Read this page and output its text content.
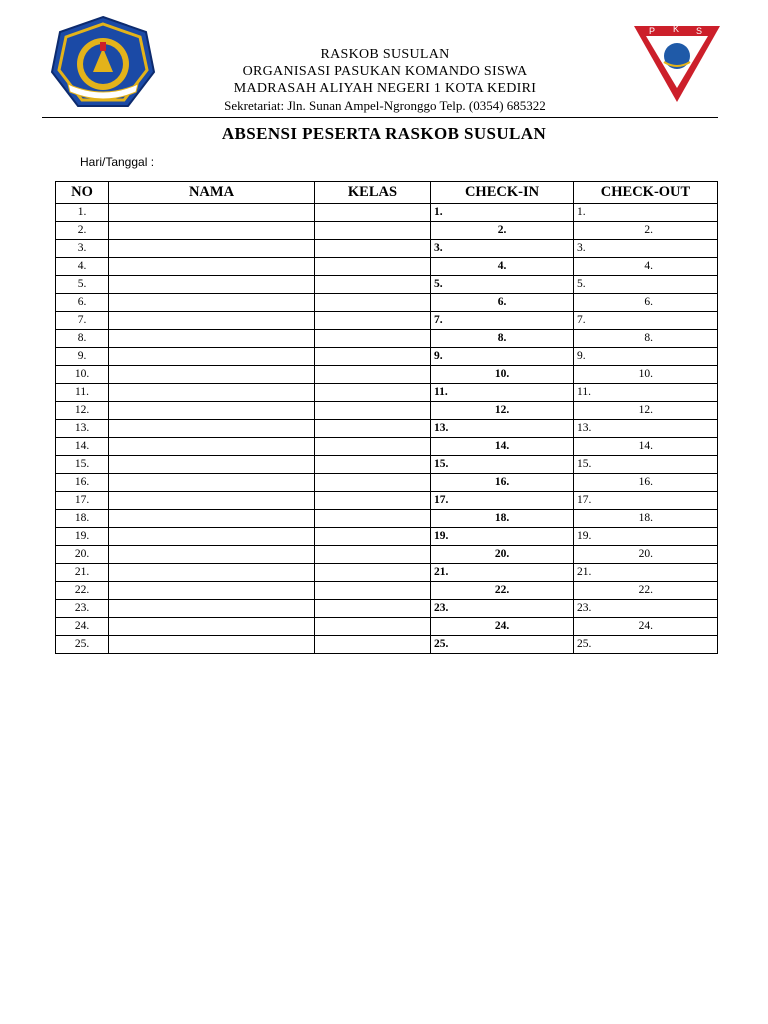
P K S
RASKOB SUSULAN
ORGANISASI PASUKAN KOMANDO SISWA
MADRASAH ALIYAH NEGERI 1 KOTA KEDIRI
Sekretariat: Jln. Sunan Ampel-Ngronggo Telp. (0354) 685322
ABSENSI PESERTA RASKOB SUSULAN
Hari/Tanggal :
NO	NAMA	KELAS	CHECK-IN	CHECK-OUT
1.			1.	1.
2.			2.	2.
3.			3.	3.
4.			4.	4.
5.			5.	5.
6.			6.	6.
7.			7.	7.
8.			8.	8.
9.			9.	9.
10.			10.	10.
11.			11.	11.
12.			12.	12.
13.			13.	13.
14.			14.	14.
15.			15.	15.
16.			16.	16.
17.			17.	17.
18.			18.	18.
19.			19.	19.
20.			20.	20.
21.			21.	21.
22.			22.	22.
23.			23.	23.
24.			24.	24.
25.			25.	25.
